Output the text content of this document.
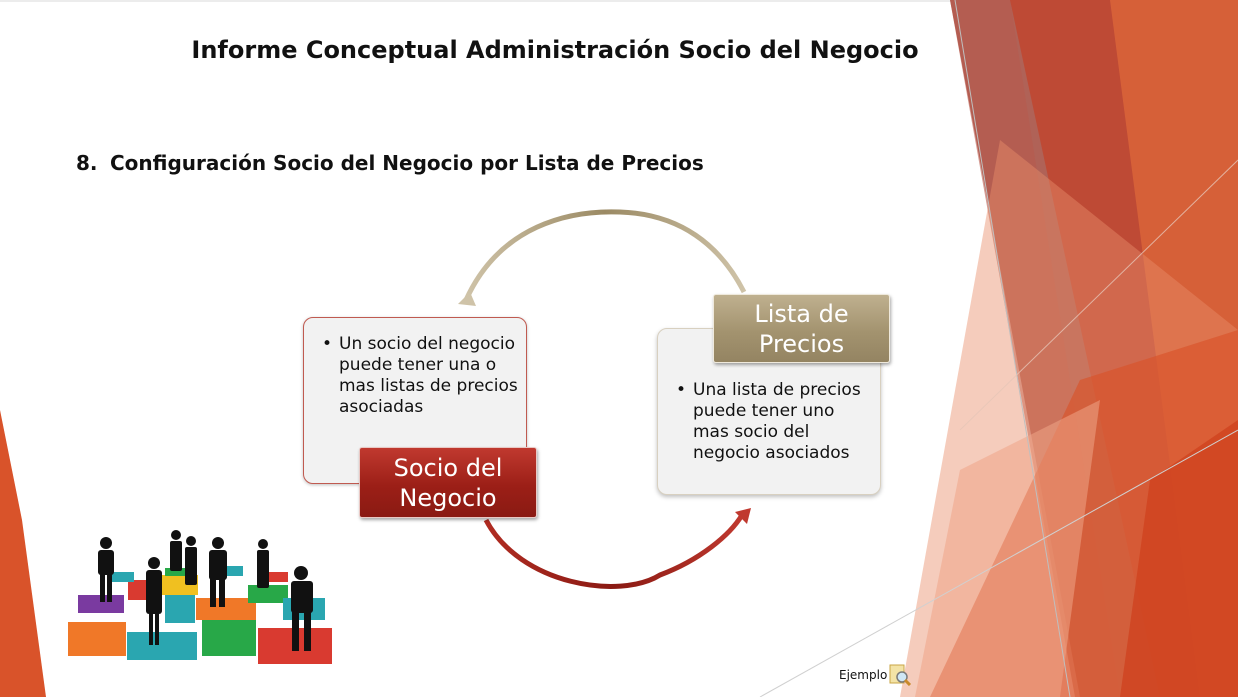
Informe Conceptual Administración Socio del Negocio
8. Configuración Socio del Negocio por Lista de Precios
• Un socio del negocio puede tener una o mas listas de precios asociadas
• Una lista de precios puede tener uno mas socio del negocio asociados
Socio del Negocio
Lista de Precios
Ejemplo
